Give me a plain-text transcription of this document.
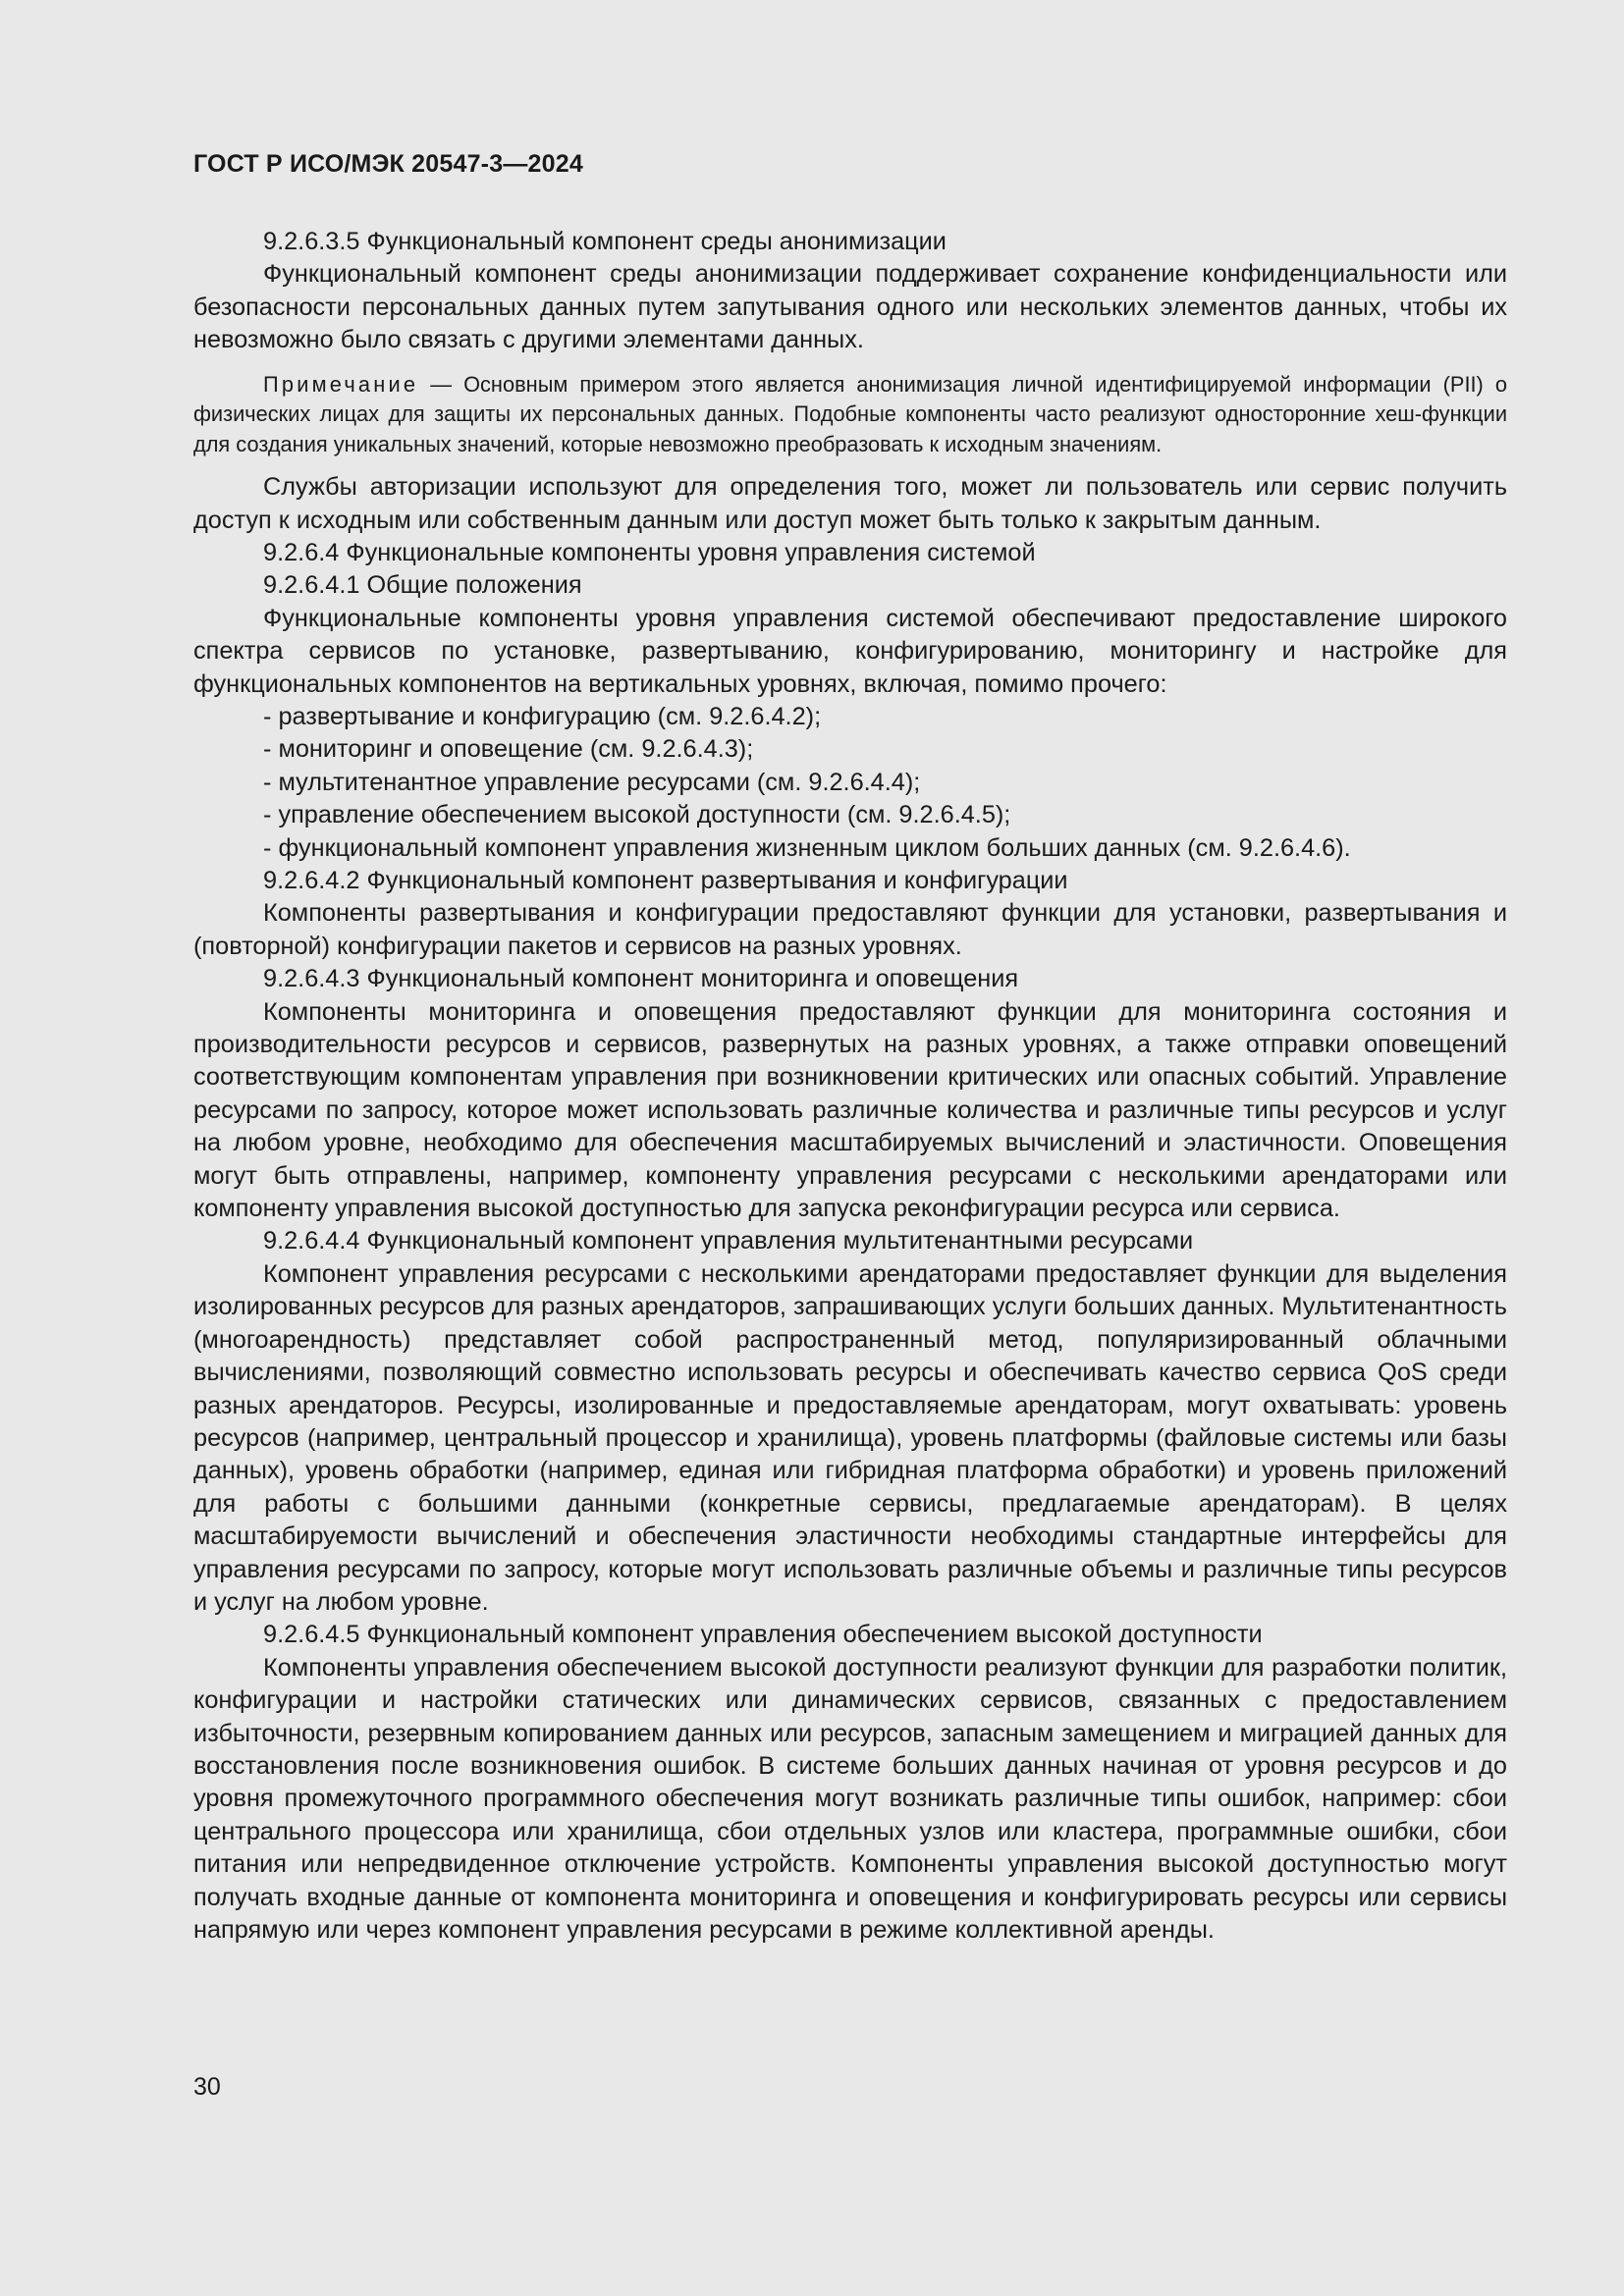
ГОСТ Р ИСО/МЭК 20547-3—2024
9.2.6.3.5 Функциональный компонент среды анонимизации
Функциональный компонент среды анонимизации поддерживает сохранение конфиденциальности или безопасности персональных данных путем запутывания одного или нескольких элементов данных, чтобы их невозможно было связать с другими элементами данных.
Примечание — Основным примером этого является анонимизация личной идентифицируемой информации (PII) о физических лицах для защиты их персональных данных. Подобные компоненты часто реализуют односторонние хеш-функции для создания уникальных значений, которые невозможно преобразовать к исходным значениям.
Службы авторизации используют для определения того, может ли пользователь или сервис получить доступ к исходным или собственным данным или доступ может быть только к закрытым данным.
9.2.6.4 Функциональные компоненты уровня управления системой
9.2.6.4.1 Общие положения
Функциональные компоненты уровня управления системой обеспечивают предоставление широкого спектра сервисов по установке, развертыванию, конфигурированию, мониторингу и настройке для функциональных компонентов на вертикальных уровнях, включая, помимо прочего:
- развертывание и конфигурацию (см. 9.2.6.4.2);
- мониторинг и оповещение (см. 9.2.6.4.3);
- мультитенантное управление ресурсами (см. 9.2.6.4.4);
- управление обеспечением высокой доступности (см. 9.2.6.4.5);
- функциональный компонент управления жизненным циклом больших данных (см. 9.2.6.4.6).
9.2.6.4.2 Функциональный компонент развертывания и конфигурации
Компоненты развертывания и конфигурации предоставляют функции для установки, развертывания и (повторной) конфигурации пакетов и сервисов на разных уровнях.
9.2.6.4.3 Функциональный компонент мониторинга и оповещения
Компоненты мониторинга и оповещения предоставляют функции для мониторинга состояния и производительности ресурсов и сервисов, развернутых на разных уровнях, а также отправки оповещений соответствующим компонентам управления при возникновении критических или опасных событий. Управление ресурсами по запросу, которое может использовать различные количества и различные типы ресурсов и услуг на любом уровне, необходимо для обеспечения масштабируемых вычислений и эластичности. Оповещения могут быть отправлены, например, компоненту управления ресурсами с несколькими арендаторами или компоненту управления высокой доступностью для запуска реконфигурации ресурса или сервиса.
9.2.6.4.4 Функциональный компонент управления мультитенантными ресурсами
Компонент управления ресурсами с несколькими арендаторами предоставляет функции для выделения изолированных ресурсов для разных арендаторов, запрашивающих услуги больших данных. Мультитенантность (многоарендность) представляет собой распространенный метод, популяризированный облачными вычислениями, позволяющий совместно использовать ресурсы и обеспечивать качество сервиса QoS среди разных арендаторов. Ресурсы, изолированные и предоставляемые арендаторам, могут охватывать: уровень ресурсов (например, центральный процессор и хранилища), уровень платформы (файловые системы или базы данных), уровень обработки (например, единая или гибридная платформа обработки) и уровень приложений для работы с большими данными (конкретные сервисы, предлагаемые арендаторам). В целях масштабируемости вычислений и обеспечения эластичности необходимы стандартные интерфейсы для управления ресурсами по запросу, которые могут использовать различные объемы и различные типы ресурсов и услуг на любом уровне.
9.2.6.4.5 Функциональный компонент управления обеспечением высокой доступности
Компоненты управления обеспечением высокой доступности реализуют функции для разработки политик, конфигурации и настройки статических или динамических сервисов, связанных с предоставлением избыточности, резервным копированием данных или ресурсов, запасным замещением и миграцией данных для восстановления после возникновения ошибок. В системе больших данных начиная от уровня ресурсов и до уровня промежуточного программного обеспечения могут возникать различные типы ошибок, например: сбои центрального процессора или хранилища, сбои отдельных узлов или кластера, программные ошибки, сбои питания или непредвиденное отключение устройств. Компоненты управления высокой доступностью могут получать входные данные от компонента мониторинга и оповещения и конфигурировать ресурсы или сервисы напрямую или через компонент управления ресурсами в режиме коллективной аренды.
30
